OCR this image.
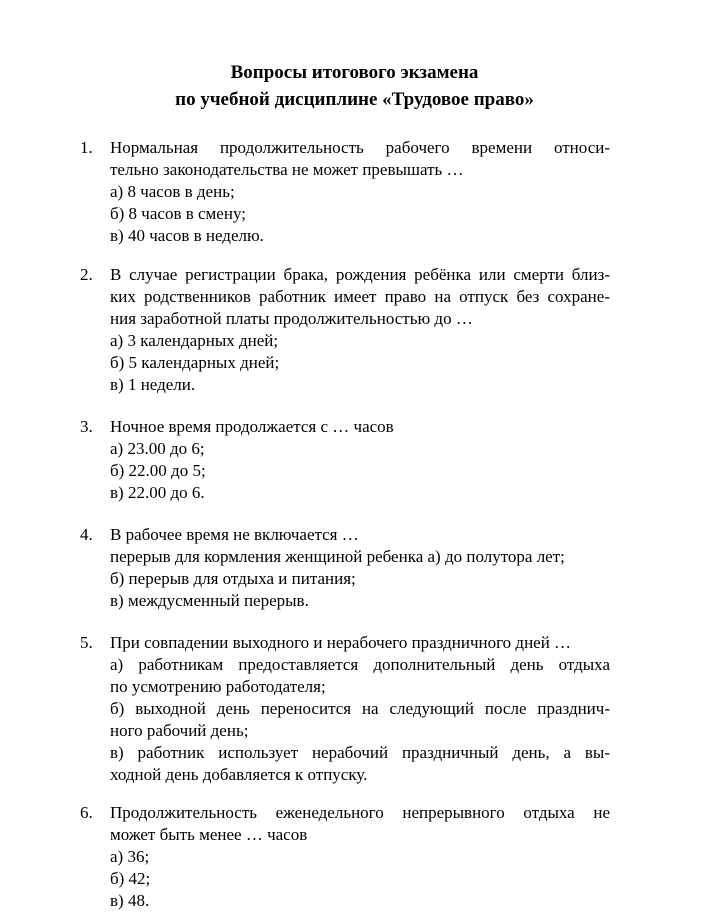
Вопросы итогового экзамена
по учебной дисциплине «Трудовое право»
1. Нормальная продолжительность рабочего времени относи-
тельно законодательства не может превышать …
а) 8 часов в день;
б) 8 часов в смену;
в) 40 часов в неделю.
2. В случае регистрации брака, рождения ребёнка или смерти близ-
ких родственников работник имеет право на отпуск без сохране-
ния заработной платы продолжительностью до …
а) 3 календарных дней;
б) 5 календарных дней;
в) 1 недели.
3. Ночное время продолжается с … часов
а) 23.00 до 6;
б) 22.00 до 5;
в) 22.00 до 6.
4. В рабочее время не включается …
перерыв для кормления женщиной ребенка а) до полутора лет;
б) перерыв для отдыха и питания;
в) междусменный перерыв.
5. При совпадении выходного и нерабочего праздничного дней …
а) работникам предоставляется дополнительный день отдыха
по усмотрению работодателя;
б) выходной день переносится на следующий после празднич-
ного рабочий день;
в) работник использует нерабочий праздничный день, а вы-
ходной день добавляется к отпуску.
6. Продолжительность еженедельного непрерывного отдыха не
может быть менее … часов
а) 36;
б) 42;
в) 48.
